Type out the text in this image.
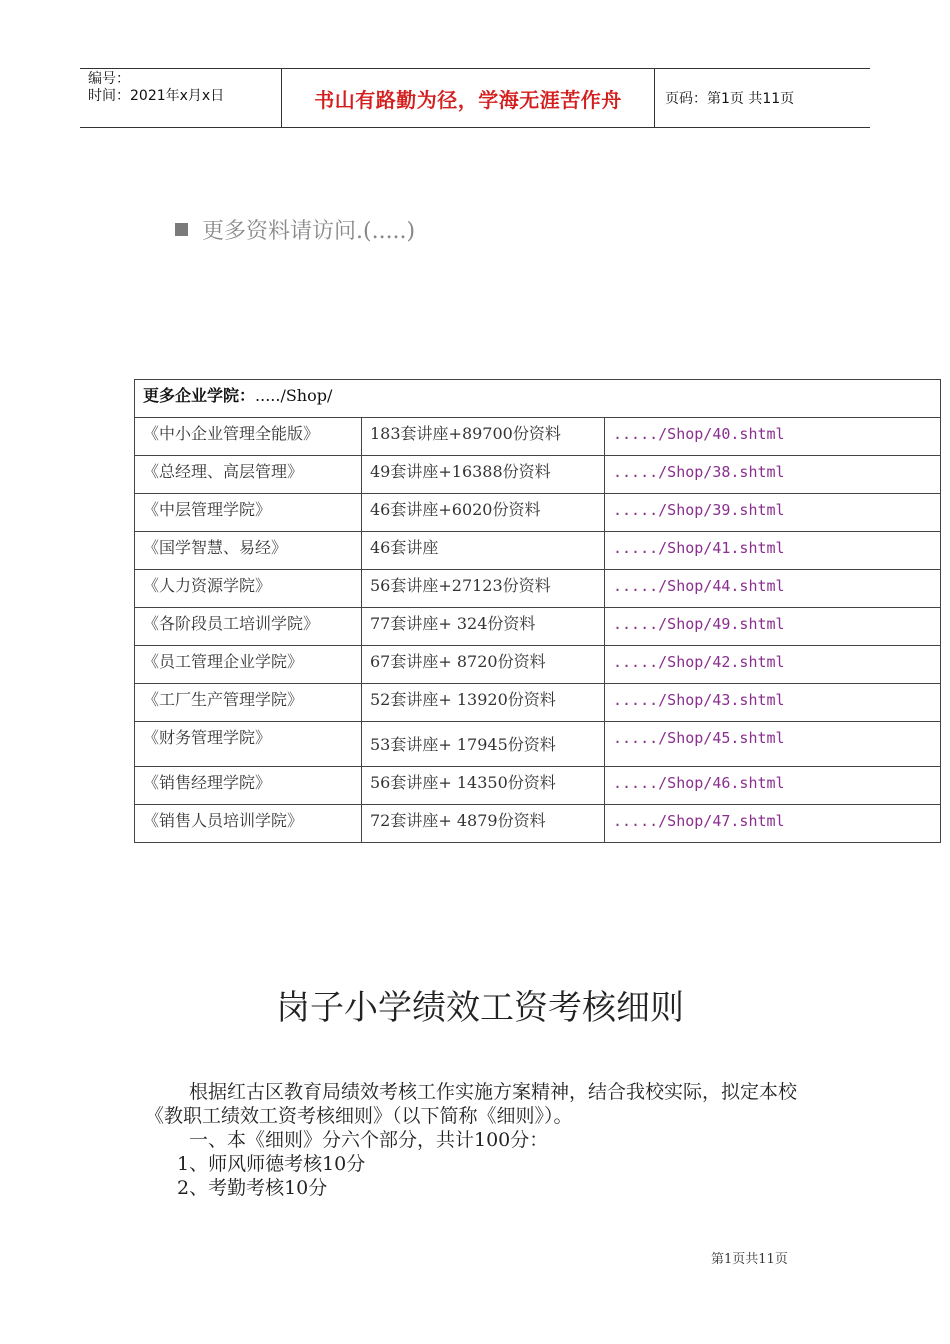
编号：
时间：2021年x月x日	书山有路勤为径，学海无涯苦作舟	页码：第1页 共11页
更多资料请访问.(.....)
更多企业学院：...../Shop/		
《中小企业管理全能版》	183套讲座+89700份资料	...../Shop/40.shtml
《总经理、高层管理》	49套讲座+16388份资料	...../Shop/38.shtml
《中层管理学院》	46套讲座+6020份资料	...../Shop/39.shtml
《国学智慧、易经》	46套讲座	...../Shop/41.shtml
《人力资源学院》	56套讲座+27123份资料	...../Shop/44.shtml
《各阶段员工培训学院》	77套讲座+ 324份资料	...../Shop/49.shtml
《员工管理企业学院》	67套讲座+ 8720份资料	...../Shop/42.shtml
《工厂生产管理学院》	52套讲座+ 13920份资料	...../Shop/43.shtml
《财务管理学院》	53套讲座+ 17945份资料	...../Shop/45.shtml
《销售经理学院》	56套讲座+ 14350份资料	...../Shop/46.shtml
《销售人员培训学院》	72套讲座+ 4879份资料	...../Shop/47.shtml
岗子小学绩效工资考核细则

根据红古区教育局绩效考核工作实施方案精神，结合我校实际，拟定本校《教职工绩效工资考核细则》（以下简称《细则》）。

一、本《细则》分六个部分，共计100分：

1、师风师德考核10分

2、考勤考核10分

第1页共11页
